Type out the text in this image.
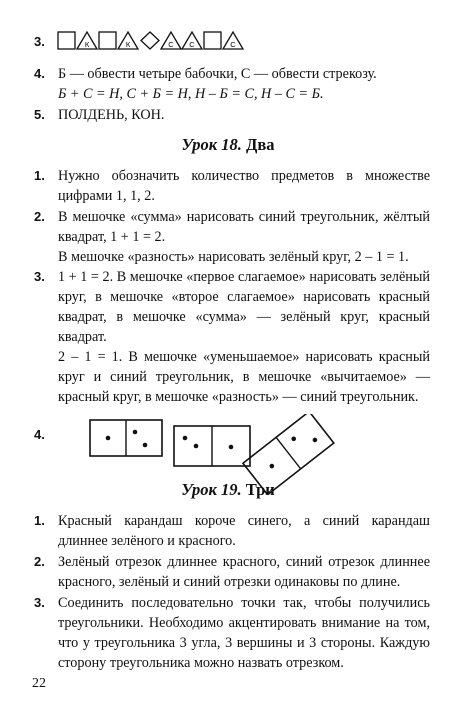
3.	К	К	С С	С
4. Б — обвести четыре бабочки, С — обвести стрекозу.

Б + С = Н, С + Б = Н, Н – Б = С, Н – С = Б.

5. ПОЛДЕНЬ, КОН.

Урок 18. Два
1. Нужно обозначить количество предметов в множестве цифрами 1, 1, 2.

2. В мешочке «сумма» нарисовать синий треугольник, жёлтый квадрат, 1 + 1 = 2.

В мешочке «разность» нарисовать зелёный круг, 2 – 1 = 1.

3. 1 + 1 = 2. В мешочке «первое слагаемое» нарисовать зелёный круг, в мешочке «второе слагаемое» нарисовать красный квадрат, в мешочке «сумма» — зелёный круг, красный квадрат.

2 – 1 = 1. В мешочке «уменьшаемое» нарисовать красный круг и синий треугольник, в мешочке «вычитаемое» — красный круг, в мешочке «разность» — синий треугольник.

4.
Урок 19. Три
1. Красный карандаш короче синего, а синий карандаш длиннее зелёного и красного.

2. Зелёный отрезок длиннее красного, синий отрезок длиннее красного, зелёный и синий отрезки одинаковы по длине.

3. Соединить последовательно точки так, чтобы получились треугольники. Необходимо акцентировать внимание на том, что у треугольника 3 угла, 3 вершины и 3 стороны. Каждую сторону треугольника можно назвать отрезком.

22
